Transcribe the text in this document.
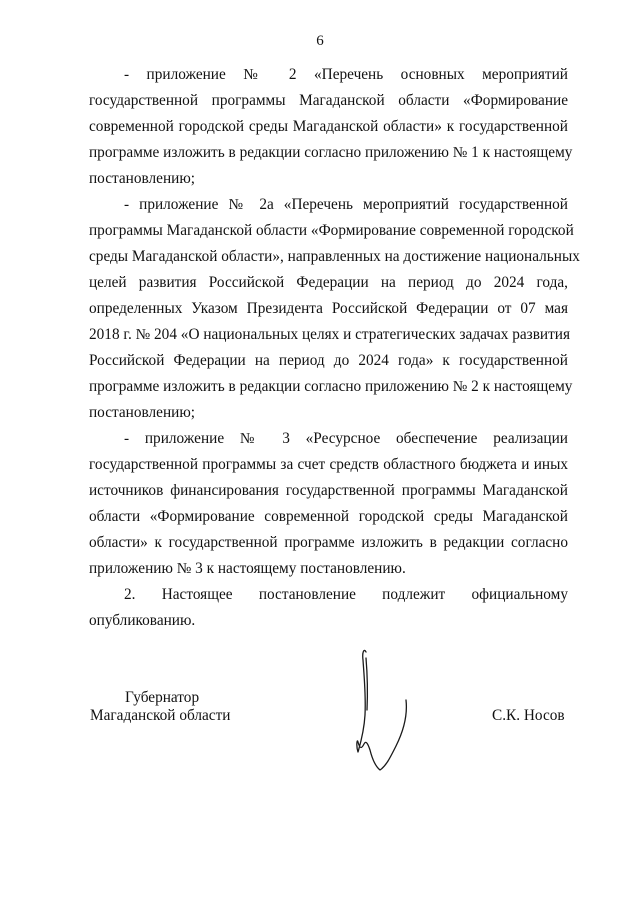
6
- приложение № 2 «Перечень основных мероприятий
государственной программы Магаданской области «Формирование
современной городской среды Магаданской области» к государственной
программе изложить в редакции согласно приложению № 1 к настоящему
постановлению;
- приложение № 2а «Перечень мероприятий государственной
программы Магаданской области «Формирование современной городской
среды Магаданской области», направленных на достижение национальных
целей развития Российской Федерации на период до 2024 года,
определенных Указом Президента Российской Федерации от 07 мая
2018 г. № 204 «О национальных целях и стратегических задачах развития
Российской Федерации на период до 2024 года» к государственной
программе изложить в редакции согласно приложению № 2 к настоящему
постановлению;
- приложение № 3 «Ресурсное обеспечение реализации
государственной программы за счет средств областного бюджета и иных
источников финансирования государственной программы Магаданской
области «Формирование современной городской среды Магаданской
области» к государственной программе изложить в редакции согласно
приложению № 3 к настоящему постановлению.
2. Настоящее постановление подлежит официальному
опубликованию.
Губернатор
Магаданской области	С.К. Носов
